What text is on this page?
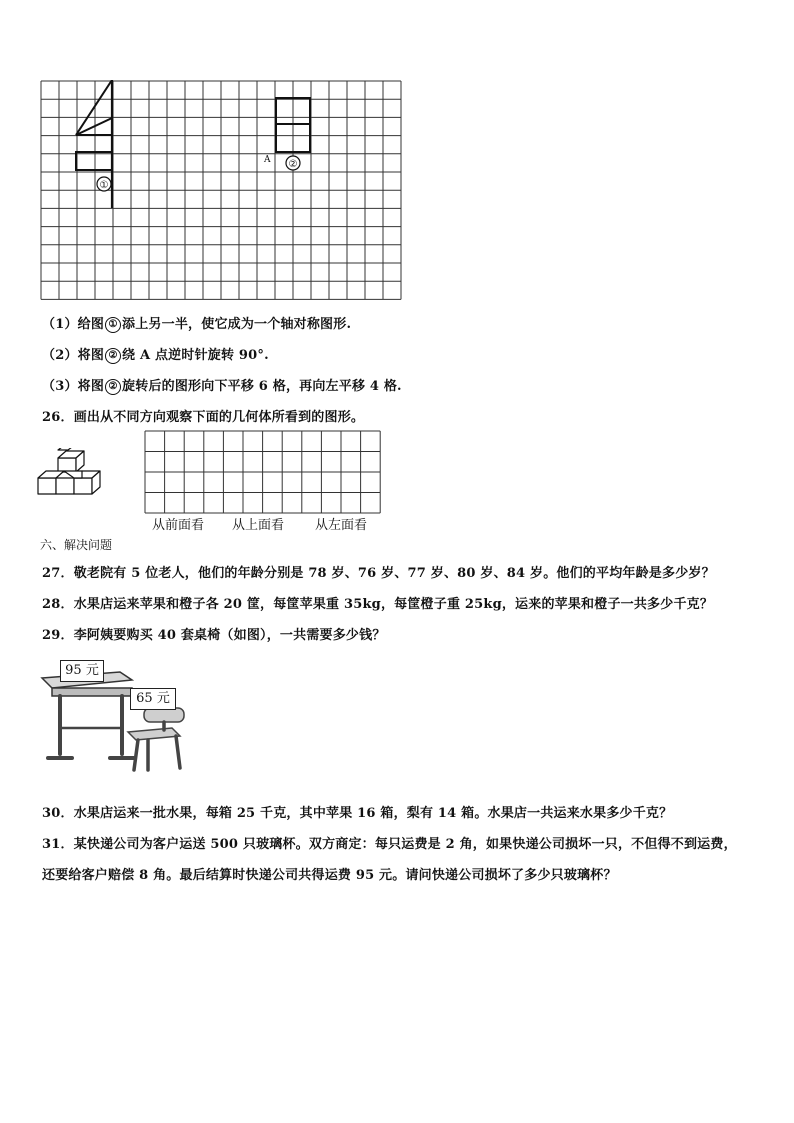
A ②
①
（1）给图 ① 添上另一半，使它成为一个轴对称图形.
（2）将图 ② 绕 A 点逆时针旋转 90°.
（3）将图 ② 旋转后的图形向下平移 6 格，再向左平移 4 格.
26．画出从不同方向观察下面的几何体所看到的图形。
从前面看 从上面看 从左面看
六、解决问题
27．敬老院有 5 位老人，他们的年龄分别是 78 岁、76 岁、77 岁、80 岁、84 岁。他们的平均年龄是多少岁？
28．水果店运来苹果和橙子各 20 筐，每筐苹果重 35kg，每筐橙子重 25kg，运来的苹果和橙子一共多少千克？
29．李阿姨要购买 40 套桌椅（如图），一共需要多少钱？
95 元
65 元
30．水果店运来一批水果，每箱 25 千克，其中苹果 16 箱，梨有 14 箱。水果店一共运来水果多少千克？
31．某快递公司为客户运送 500 只玻璃杯。双方商定：每只运费是 2 角，如果快递公司损坏一只，不但得不到运费，
还要给客户赔偿 8 角。最后结算时快递公司共得运费 95 元。请问快递公司损坏了多少只玻璃杯？
